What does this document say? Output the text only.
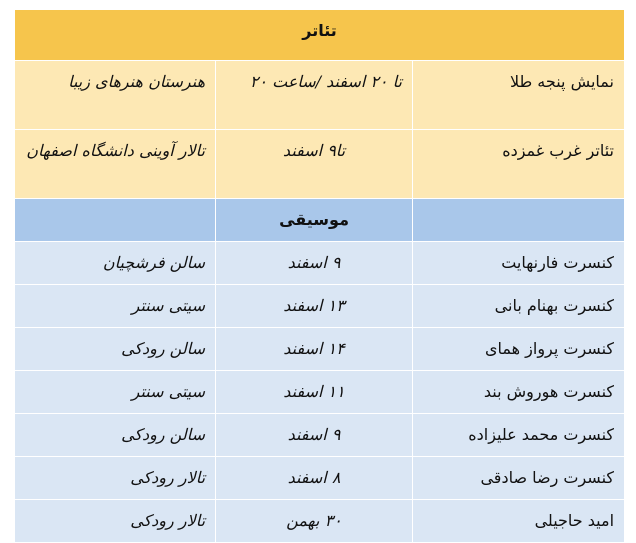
تئاتر		
نمایش پنجه طلا	تا ۲۰ اسفند /ساعت ۲۰	هنرستان هنرهای زیبا
تئاتر غرب غمزده	تا۹ اسفند	تالار آوینی دانشگاه اصفهان
	موسیقی	
کنسرت فارنهایت	۹ اسفند	سالن فرشچیان
کنسرت بهنام بانی	۱۳ اسفند	سیتی سنتر
کنسرت پرواز همای	۱۴ اسفند	سالن رودکی
کنسرت هوروش بند	۱۱ اسفند	سیتی سنتر
کنسرت محمد علیزاده	۹ اسفند	سالن رودکی
کنسرت رضا صادقی	۸ اسفند	تالار رودکی
امید حاجیلی	۳۰ بهمن	تالار رودکی
